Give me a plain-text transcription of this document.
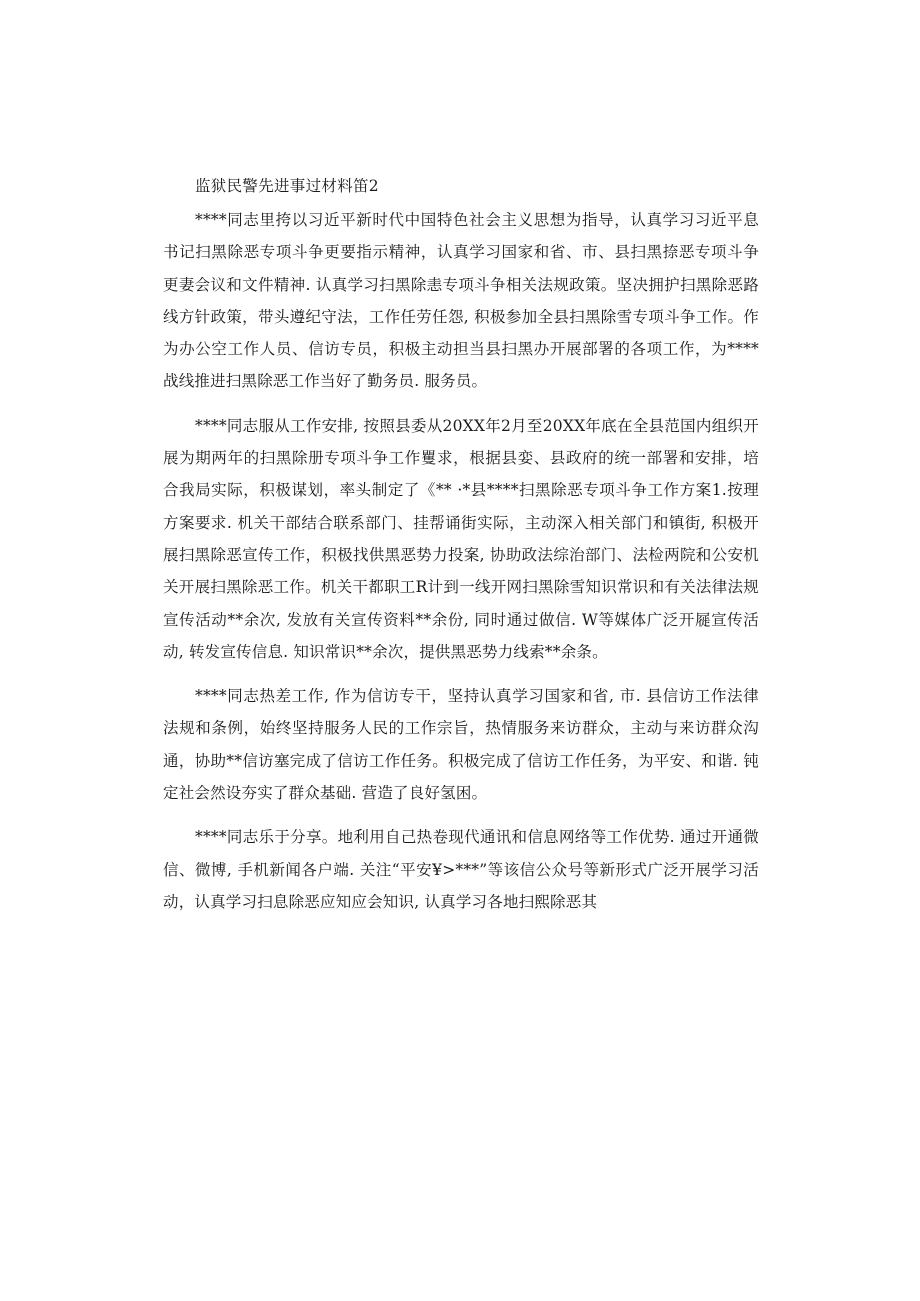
监狱民警先进事过材料笛2

****同志里挎以习近平新时代中国特色社会主义思想为指导，认真学习习近平息书记扫黑除恶专项斗争更要指示精神，认真学习国家和省、市、县扫黑捺恶专项斗争更妻会议和文件精神. 认真学习扫黑除恚专项斗争相关法规政策。坚决拥护扫黑除恶路线方针政策，带头遵纪守法，工作任劳任怨, 积极参加全县扫黑除雪专项斗争工作。作为办公空工作人员、信访专员，积极主动担当县扫黑办开展部署的各项工作，为****战线推进扫黑除恶工作当好了勤务员. 服务员。

****同志服从工作安排, 按照县委从20XX年2月至20XX年底在全县范国内组织开展为期两年的扫黑除册专项斗争工作矍求，根据县娈、县政府的统一部署和安排，培合我局实际，积极谋划，率头制定了《** ·*县****扫黑除恶专项斗争工作方案1.按理方案要求. 机关干部结合联系部门、挂帮诵街实际，主动深入相关部门和镇街, 积极开展扫黑除恶宣传工作，积极找供黑恶势力投案, 协助政法综治部门、法检两院和公安机关开展扫黑除恶工作。机关干都职工R计到一线开网扫黑除雪知识常识和有关法律法规宣传活动**余次, 发放有关宣传资料**余份, 同时通过做信. W等媒体广泛开屣宣传活动, 转发宣传信息. 知识常识**余次，提供黑恶势力线索**余条。

****同志热差工作, 作为信访专干，坚持认真学习国家和省, 市. 县信访工作法律法规和条例，始终坚持服务人民的工作宗旨，热情服务来访群众，主动与来访群众沟通，协助**信访塞完成了信访工作任务。积极完成了信访工作任务，为平安、和谐. 钝定社会然设夯实了群众基础. 营造了良好氢困。

****同志乐于分享。地利用自己热卷现代通讯和信息网络等工作优势. 通过开通微信、微博, 手机新闻各户端. 关注“平安¥>***”等该信公众号等新形式广泛开展学习活动，认真学习扫息除恶应知应会知识, 认真学习各地扫熙除恶其
